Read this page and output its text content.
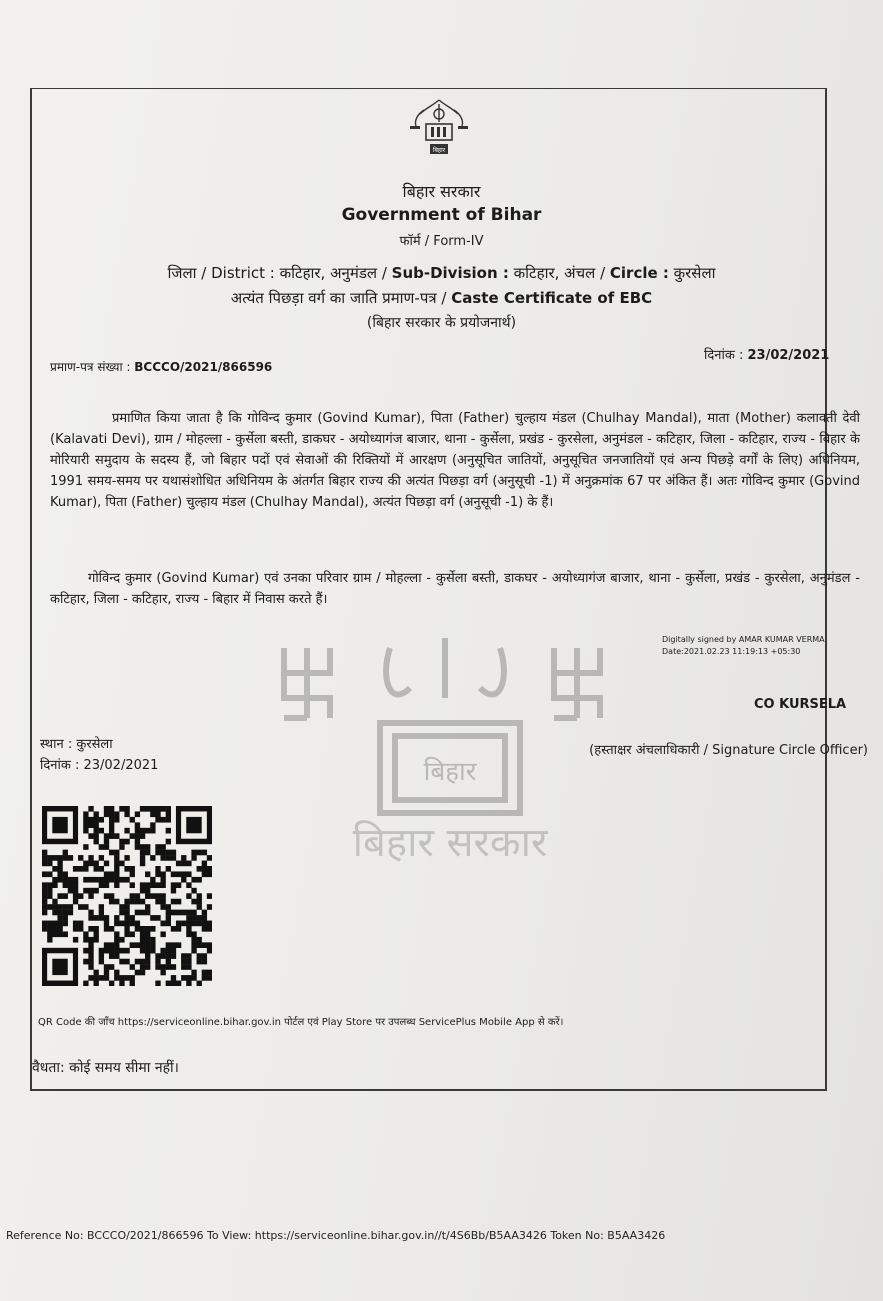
बिहार
बिहार सरकार
Government of Bihar
फॉर्म / Form-IV
जिला / District : कटिहार, अनुमंडल / Sub-Division : कटिहार, अंचल / Circle : कुरसेला
अत्यंत पिछड़ा वर्ग का जाति प्रमाण-पत्र / Caste Certificate of EBC
(बिहार सरकार के प्रयोजनार्थ)
प्रमाण-पत्र संख्या : BCCCO/2021/866596
दिनांक : 23/02/2021
बिहार
बिहार सरकार
प्रमाणित किया जाता है कि गोविन्द कुमार (Govind Kumar), पिता (Father) चुल्हाय मंडल (Chulhay Mandal), माता (Mother) कलावती देवी (Kalavati Devi), ग्राम / मोहल्ला - कुर्सेला बस्ती, डाकघर - अयोध्यागंज बाजार, थाना - कुर्सेला, प्रखंड - कुरसेला, अनुमंडल - कटिहार, जिला - कटिहार, राज्य - बिहार के मोरियारी समुदाय के सदस्य हैं, जो बिहार पदों एवं सेवाओं की रिक्तियों में आरक्षण (अनुसूचित जातियों, अनुसूचित जनजातियों एवं अन्य पिछड़े वर्गों के लिए) अधिनियम, 1991 समय-समय पर यथासंशोधित अधिनियम के अंतर्गत बिहार राज्य की अत्यंत पिछड़ा वर्ग (अनुसूची -1) में अनुक्रमांक 67 पर अंकित हैं। अतः गोविन्द कुमार (Govind Kumar), पिता (Father) चुल्हाय मंडल (Chulhay Mandal), अत्यंत पिछड़ा वर्ग (अनुसूची -1) के हैं।
गोविन्द कुमार (Govind Kumar) एवं उनका परिवार ग्राम / मोहल्ला - कुर्सेला बस्ती, डाकघर - अयोध्यागंज बाजार, थाना - कुर्सेला, प्रखंड - कुरसेला, अनुमंडल - कटिहार, जिला - कटिहार, राज्य - बिहार में निवास करते हैं।
Digitally signed by AMAR KUMAR VERMA
Date:2021.02.23 11:19:13 +05:30
CO KURSELA
स्थान : कुरसेला
दिनांक : 23/02/2021
(हस्ताक्षर अंचलाधिकारी / Signature Circle Officer)
QR Code की जाँच https://serviceonline.bihar.gov.in पोर्टल एवं Play Store पर उपलब्ध ServicePlus Mobile App से करें।
वैधता: कोई समय सीमा नहीं।
Reference No: BCCCO/2021/866596 To View: https://serviceonline.bihar.gov.in//t/4S6Bb/B5AA3426 Token No: B5AA3426
